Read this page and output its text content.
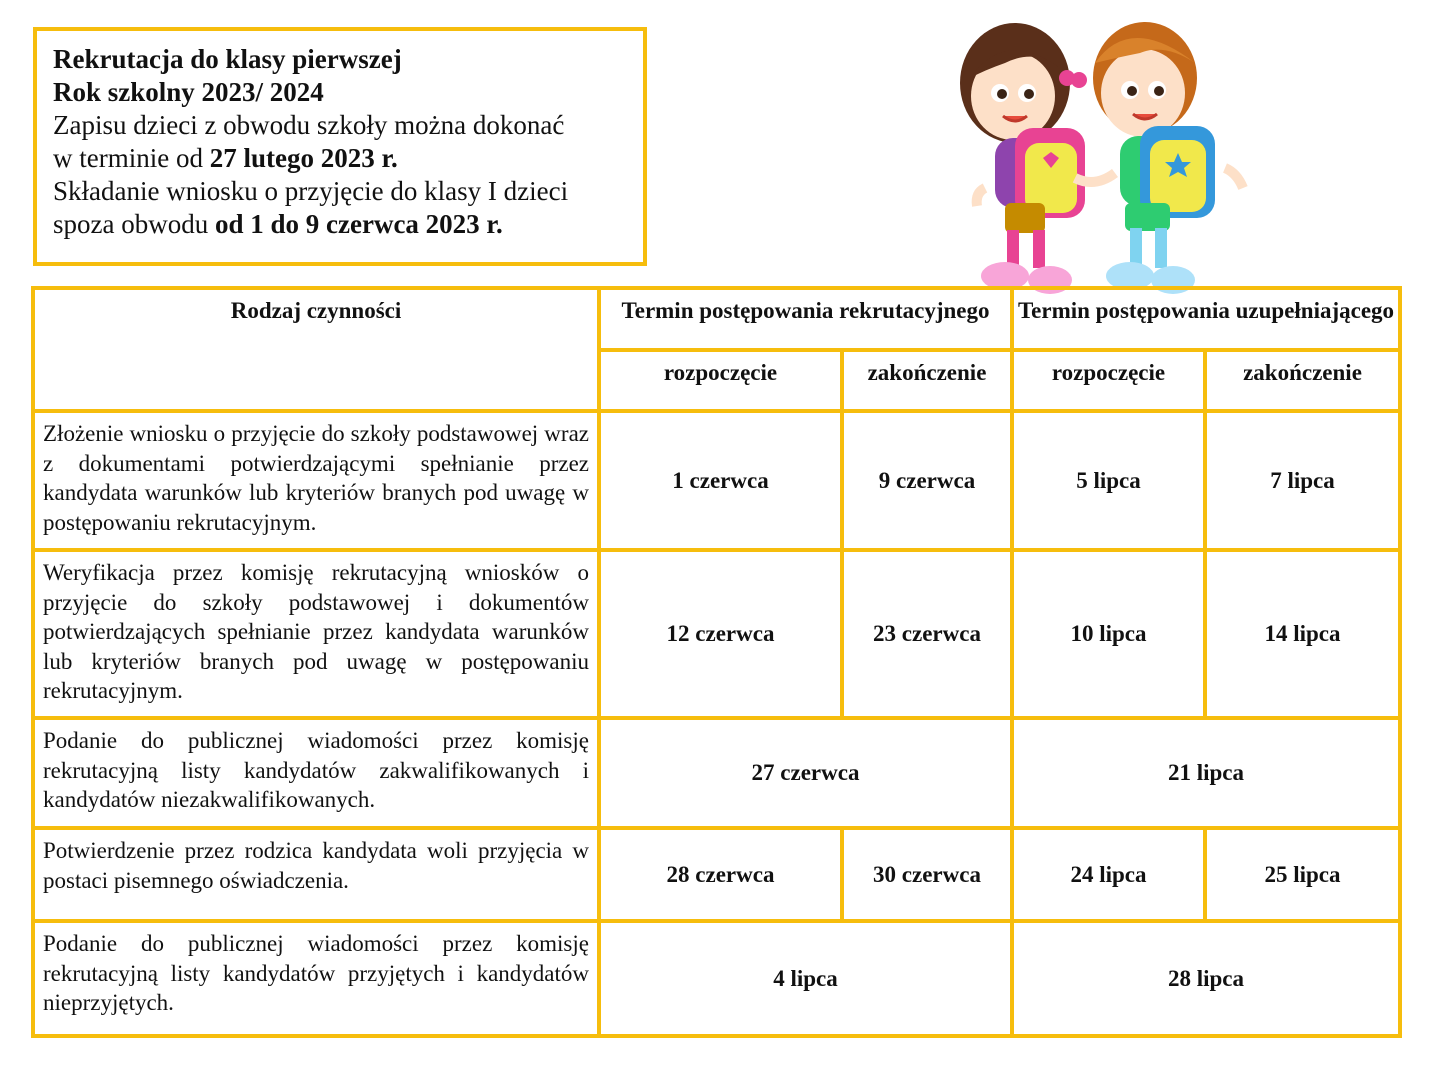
Rekrutacja do klasy pierwszej

Rok szkolny 2023/ 2024

Zapisu dzieci z obwodu szkoły można dokonać

w terminie od 27 lutego 2023 r.

Składanie wniosku o przyjęcie do klasy I dzieci

spoza obwodu od 1 do 9 czerwca 2023 r.

Rodzaj czynności	Termin postępowania rekrutacyjnego		Termin postępowania uzupełniającego	
	rozpoczęcie	zakończenie	rozpoczęcie	zakończenie
Złożenie wniosku o przyjęcie do szkoły podstawowej wraz z dokumentami potwierdzającymi spełnianie przez kandydata warunków lub kryteriów branych pod uwagę w postępowaniu rekrutacyjnym.	1 czerwca	9 czerwca	5 lipca	7 lipca
Weryfikacja przez komisję rekrutacyjną wniosków o przyjęcie do szkoły podstawowej i dokumentów potwierdzających spełnianie przez kandydata warunków lub kryteriów branych pod uwagę w postępowaniu rekrutacyjnym.	12 czerwca	23 czerwca	10 lipca	14 lipca
Podanie do publicznej wiadomości przez komisję rekrutacyjną listy kandydatów zakwalifikowanych i kandydatów niezakwalifikowanych.	27 czerwca		21 lipca	
Potwierdzenie przez rodzica kandydata woli przyjęcia w postaci pisemnego oświadczenia.	28 czerwca	30 czerwca	24 lipca	25 lipca
Podanie do publicznej wiadomości przez komisję rekrutacyjną listy kandydatów przyjętych i kandydatów nieprzyjętych.	4 lipca		28 lipca	
